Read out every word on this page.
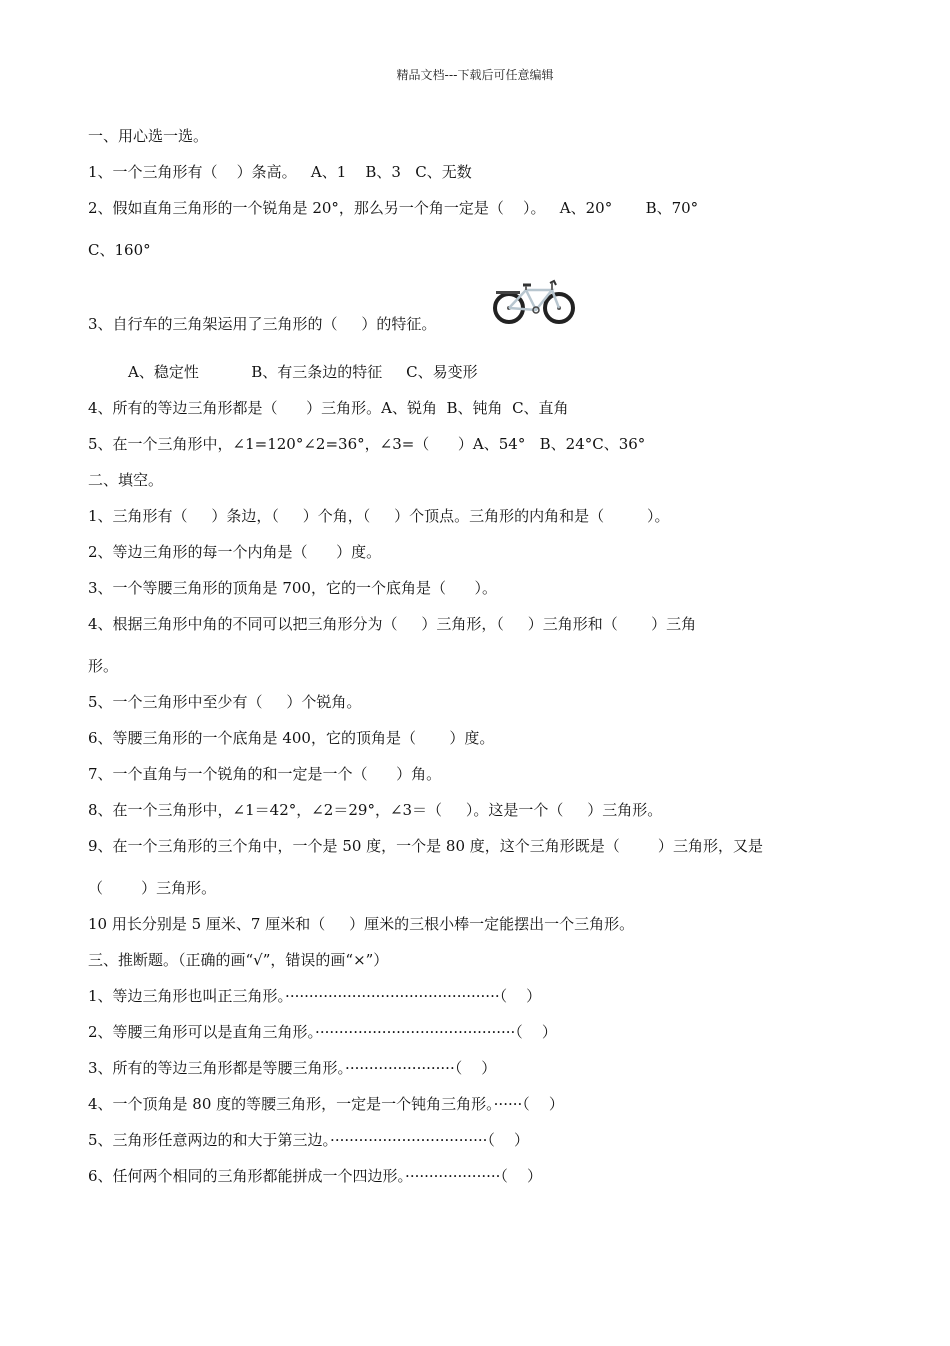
精品文档---下载后可任意编辑
一、用心选一选。
1、一个三角形有（    ）条高。   A、1    B、3   C、无数
2、假如直角三角形的一个锐角是 20°，那么另一个角一定是（    ）。   A、20°       B、70°
C、160°
3、自行车的三角架运用了三角形的（     ）的特征。
A、稳定性           B、有三条边的特征     C、易变形
4、所有的等边三角形都是（      ）三角形。A、锐角  B、钝角  C、直角
5、在一个三角形中，∠1=120°∠2=36°，∠3=（      ）A、54°   B、24°C、36°
二、填空。
1、三角形有（     ）条边，（     ）个角，（     ）个顶点。三角形的内角和是（         ）。
2、等边三角形的每一个内角是（      ）度。
3、一个等腰三角形的顶角是 700，它的一个底角是（      ）。
4、根据三角形中角的不同可以把三角形分为（     ）三角形，（     ）三角形和（       ）三角
形。
5、一个三角形中至少有（     ）个锐角。
6、等腰三角形的一个底角是 400，它的顶角是（       ）度。
7、一个直角与一个锐角的和一定是一个（      ）角。
8、在一个三角形中，∠1＝42°，∠2＝29°，∠3＝（     ）。这是一个（     ）三角形。
9、在一个三角形的三个角中，一个是 50 度，一个是 80 度，这个三角形既是（        ）三角形，又是
（        ）三角形。
10 用长分别是 5 厘米、7 厘米和（     ）厘米的三根小棒一定能摆出一个三角形。
三、推断题。（正确的画“√”，错误的画“×”）
1、等边三角形也叫正三角形。·············································（    ）
2、等腰三角形可以是直角三角形。··········································（    ）
3、所有的等边三角形都是等腰三角形。·······················（    ）
4、一个顶角是 80 度的等腰三角形，一定是一个钝角三角形。······（    ）
5、三角形任意两边的和大于第三边。·································（    ）
6、任何两个相同的三角形都能拼成一个四边形。····················（    ）
